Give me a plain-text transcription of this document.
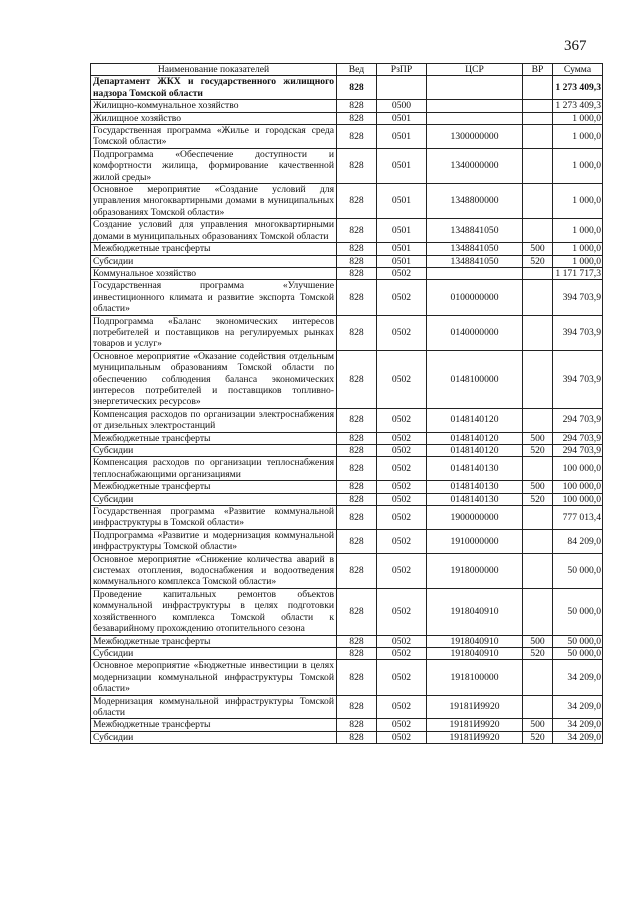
367
Наименование показателей	Вед	РзПР	ЦСР	ВР	Сумма
Департамент ЖКХ и государственного жилищного надзора Томской области	828				1 273 409,3
Жилищно-коммунальное хозяйство	828	0500			1 273 409,3
Жилищное хозяйство	828	0501			1 000,0
Государственная программа «Жилье и городская среда Томской области»	828	0501	1300000000		1 000,0
Подпрограмма «Обеспечение доступности и комфортности жилища, формирование качественной жилой среды»	828	0501	1340000000		1 000,0
Основное мероприятие «Создание условий для управления многоквартирными домами в муниципальных образованиях Томской области»	828	0501	1348800000		1 000,0
Создание условий для управления многоквартирными домами в муниципальных образованиях Томской области	828	0501	1348841050		1 000,0
Межбюджетные трансферты	828	0501	1348841050	500	1 000,0
Субсидии	828	0501	1348841050	520	1 000,0
Коммунальное хозяйство	828	0502			1 171 717,3
Государственная программа «Улучшение инвестиционного климата и развитие экспорта Томской области»	828	0502	0100000000		394 703,9
Подпрограмма «Баланс экономических интересов потребителей и поставщиков на регулируемых рынках товаров и услуг»	828	0502	0140000000		394 703,9
Основное мероприятие «Оказание содействия отдельным муниципальным образованиям Томской области по обеспечению соблюдения баланса экономических интересов потребителей и поставщиков топливно-энергетических ресурсов»	828	0502	0148100000		394 703,9
Компенсация расходов по организации электроснабжения от дизельных электростанций	828	0502	0148140120		294 703,9
Межбюджетные трансферты	828	0502	0148140120	500	294 703,9
Субсидии	828	0502	0148140120	520	294 703,9
Компенсация расходов по организации теплоснабжения теплоснабжающими организациями	828	0502	0148140130		100 000,0
Межбюджетные трансферты	828	0502	0148140130	500	100 000,0
Субсидии	828	0502	0148140130	520	100 000,0
Государственная программа «Развитие коммунальной инфраструктуры в Томской области»	828	0502	1900000000		777 013,4
Подпрограмма «Развитие и модернизация коммунальной инфраструктуры Томской области»	828	0502	1910000000		84 209,0
Основное мероприятие «Снижение количества аварий в системах отопления, водоснабжения и водоотведения коммунального комплекса Томской области»	828	0502	1918000000		50 000,0
Проведение капитальных ремонтов объектов коммунальной инфраструктуры в целях подготовки хозяйственного комплекса Томской области к безаварийному прохождению отопительного сезона	828	0502	1918040910		50 000,0
Межбюджетные трансферты	828	0502	1918040910	500	50 000,0
Субсидии	828	0502	1918040910	520	50 000,0
Основное мероприятие «Бюджетные инвестиции в целях модернизации коммунальной инфраструктуры Томской области»	828	0502	1918100000		34 209,0
Модернизация коммунальной инфраструктуры Томской области	828	0502	19181И9920		34 209,0
Межбюджетные трансферты	828	0502	19181И9920	500	34 209,0
Субсидии	828	0502	19181И9920	520	34 209,0
